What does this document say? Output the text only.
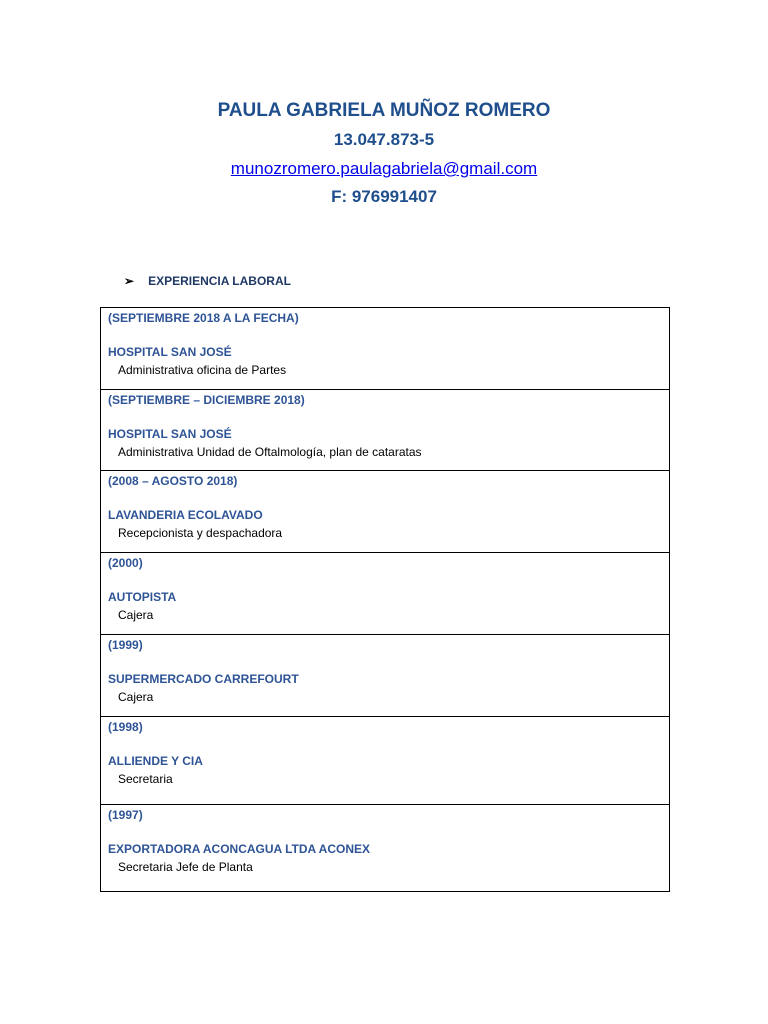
PAULA GABRIELA MUÑOZ ROMERO
13.047.873-5
munozromero.paulagabriela@gmail.com
F: 976991407
➢ EXPERIENCIA LABORAL
(SEPTIEMBRE 2018 A LA FECHA)
HOSPITAL SAN JOSÉ
Administrativa oficina de Partes
(SEPTIEMBRE – DICIEMBRE 2018)
HOSPITAL SAN JOSÉ
Administrativa Unidad de Oftalmología, plan de cataratas
(2008 – AGOSTO 2018)
LAVANDERIA ECOLAVADO
Recepcionista y despachadora
(2000)
AUTOPISTA
Cajera
(1999)
SUPERMERCADO CARREFOURT
Cajera
(1998)
ALLIENDE Y CIA
Secretaria
(1997)
EXPORTADORA ACONCAGUA LTDA ACONEX
Secretaria Jefe de Planta
